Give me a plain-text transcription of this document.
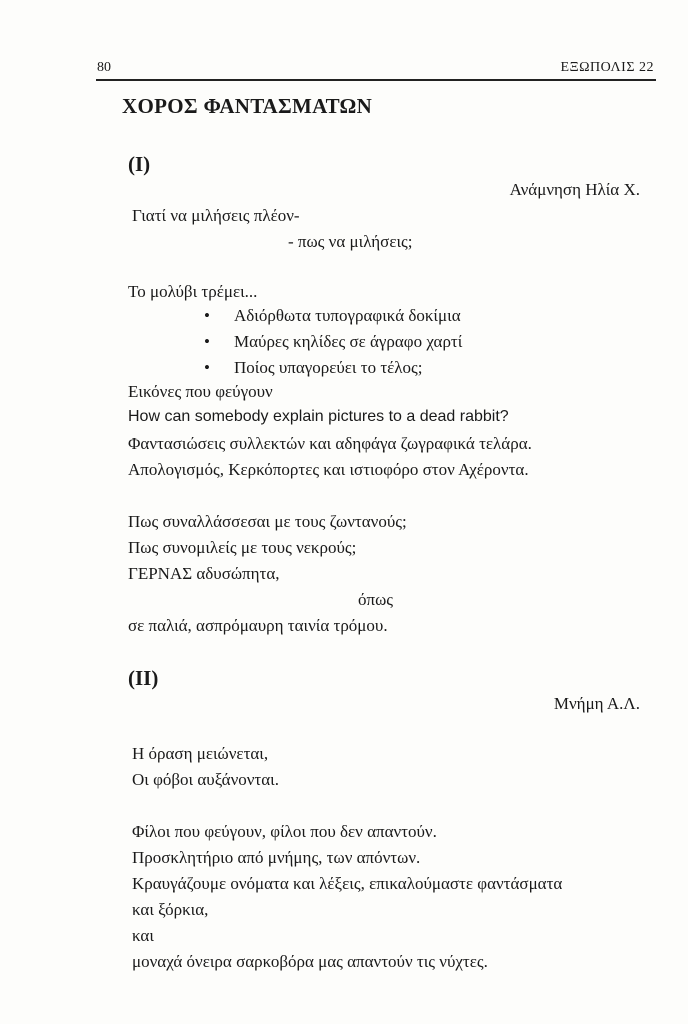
80	ΕΞΩΠΟΛΙΣ 22
ΧΟΡΟΣ ΦΑΝΤΑΣΜΑΤΩΝ
(I)
Ανάμνηση Ηλία Χ.
Γιατί να μιλήσεις πλέον-
- πως να μιλήσεις;
Το μολύβι τρέμει...
• Αδιόρθωτα τυπογραφικά δοκίμια
• Μαύρες κηλίδες σε άγραφο χαρτί
• Ποίος υπαγορεύει το τέλος;
Εικόνες που φεύγουν
How can somebody explain pictures to a dead rabbit?
Φαντασιώσεις συλλεκτών και αδηφάγα ζωγραφικά τελάρα.
Απολογισμός, Κερκόπορτες και ιστιοφόρο στον Αχέροντα.
Πως συναλλάσσεσαι με τους ζωντανούς;
Πως συνομιλείς με τους νεκρούς;
ΓΕΡΝΑΣ αδυσώπητα,
όπως
σε παλιά, ασπρόμαυρη ταινία τρόμου.
(II)
Μνήμη Α.Λ.
Η όραση μειώνεται,
Οι φόβοι αυξάνονται.
Φίλοι που φεύγουν, φίλοι που δεν απαντούν.
Προσκλητήριο από μνήμης, των απόντων.
Κραυγάζουμε ονόματα και λέξεις, επικαλούμαστε φαντάσματα
και ξόρκια,
και
μοναχά όνειρα σαρκοβόρα μας απαντούν τις νύχτες.
